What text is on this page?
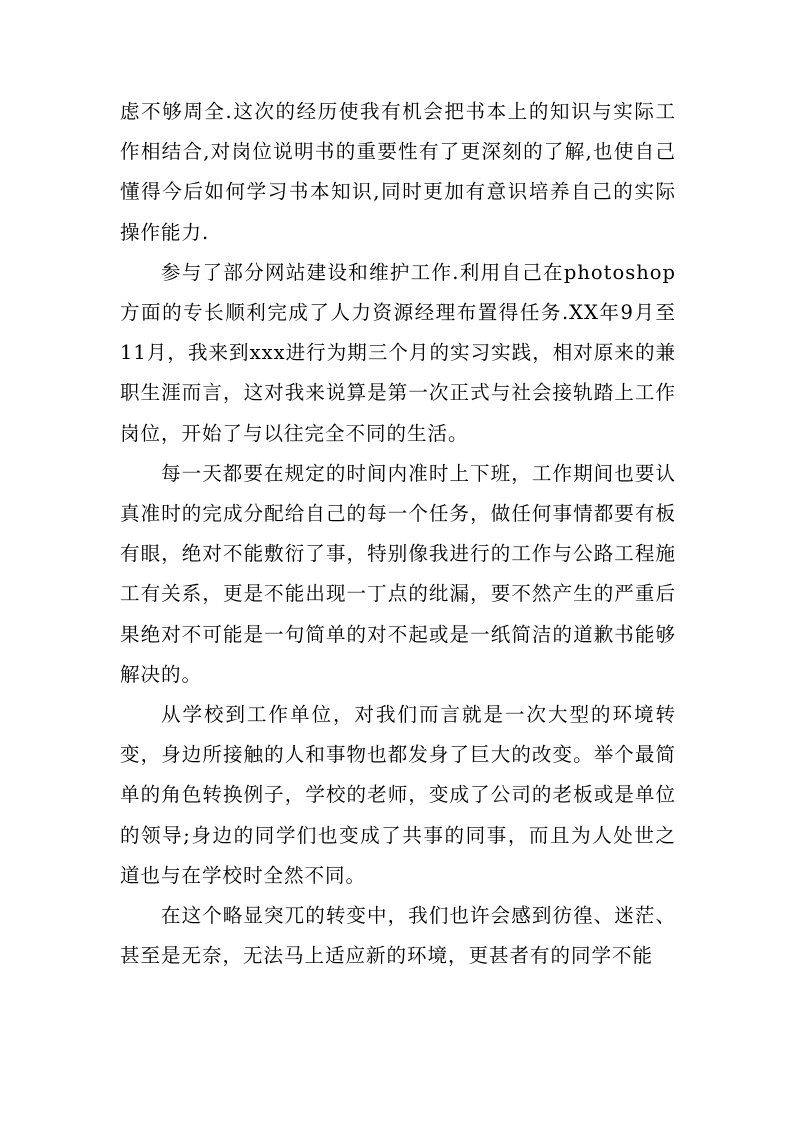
虑不够周全.这次的经历使我有机会把书本上的知识与实际工作相结合,对岗位说明书的重要性有了更深刻的了解,也使自己懂得今后如何学习书本知识,同时更加有意识培养自己的实际操作能力.

参与了部分网站建设和维护工作.利用自己在photoshop方面的专长顺利完成了人力资源经理布置得任务.XX年9月至11月，我来到xxx进行为期三个月的实习实践，相对原来的兼职生涯而言，这对我来说算是第一次正式与社会接轨踏上工作岗位，开始了与以往完全不同的生活。

每一天都要在规定的时间内准时上下班，工作期间也要认真准时的完成分配给自己的每一个任务，做任何事情都要有板有眼，绝对不能敷衍了事，特别像我进行的工作与公路工程施工有关系，更是不能出现一丁点的纰漏，要不然产生的严重后果绝对不可能是一句简单的对不起或是一纸简洁的道歉书能够解决的。

从学校到工作单位，对我们而言就是一次大型的环境转变，身边所接触的人和事物也都发身了巨大的改变。举个最简单的角色转换例子，学校的老师，变成了公司的老板或是单位的领导;身边的同学们也变成了共事的同事，而且为人处世之道也与在学校时全然不同。

在这个略显突兀的转变中，我们也许会感到彷徨、迷茫、甚至是无奈，无法马上适应新的环境，更甚者有的同学不能
